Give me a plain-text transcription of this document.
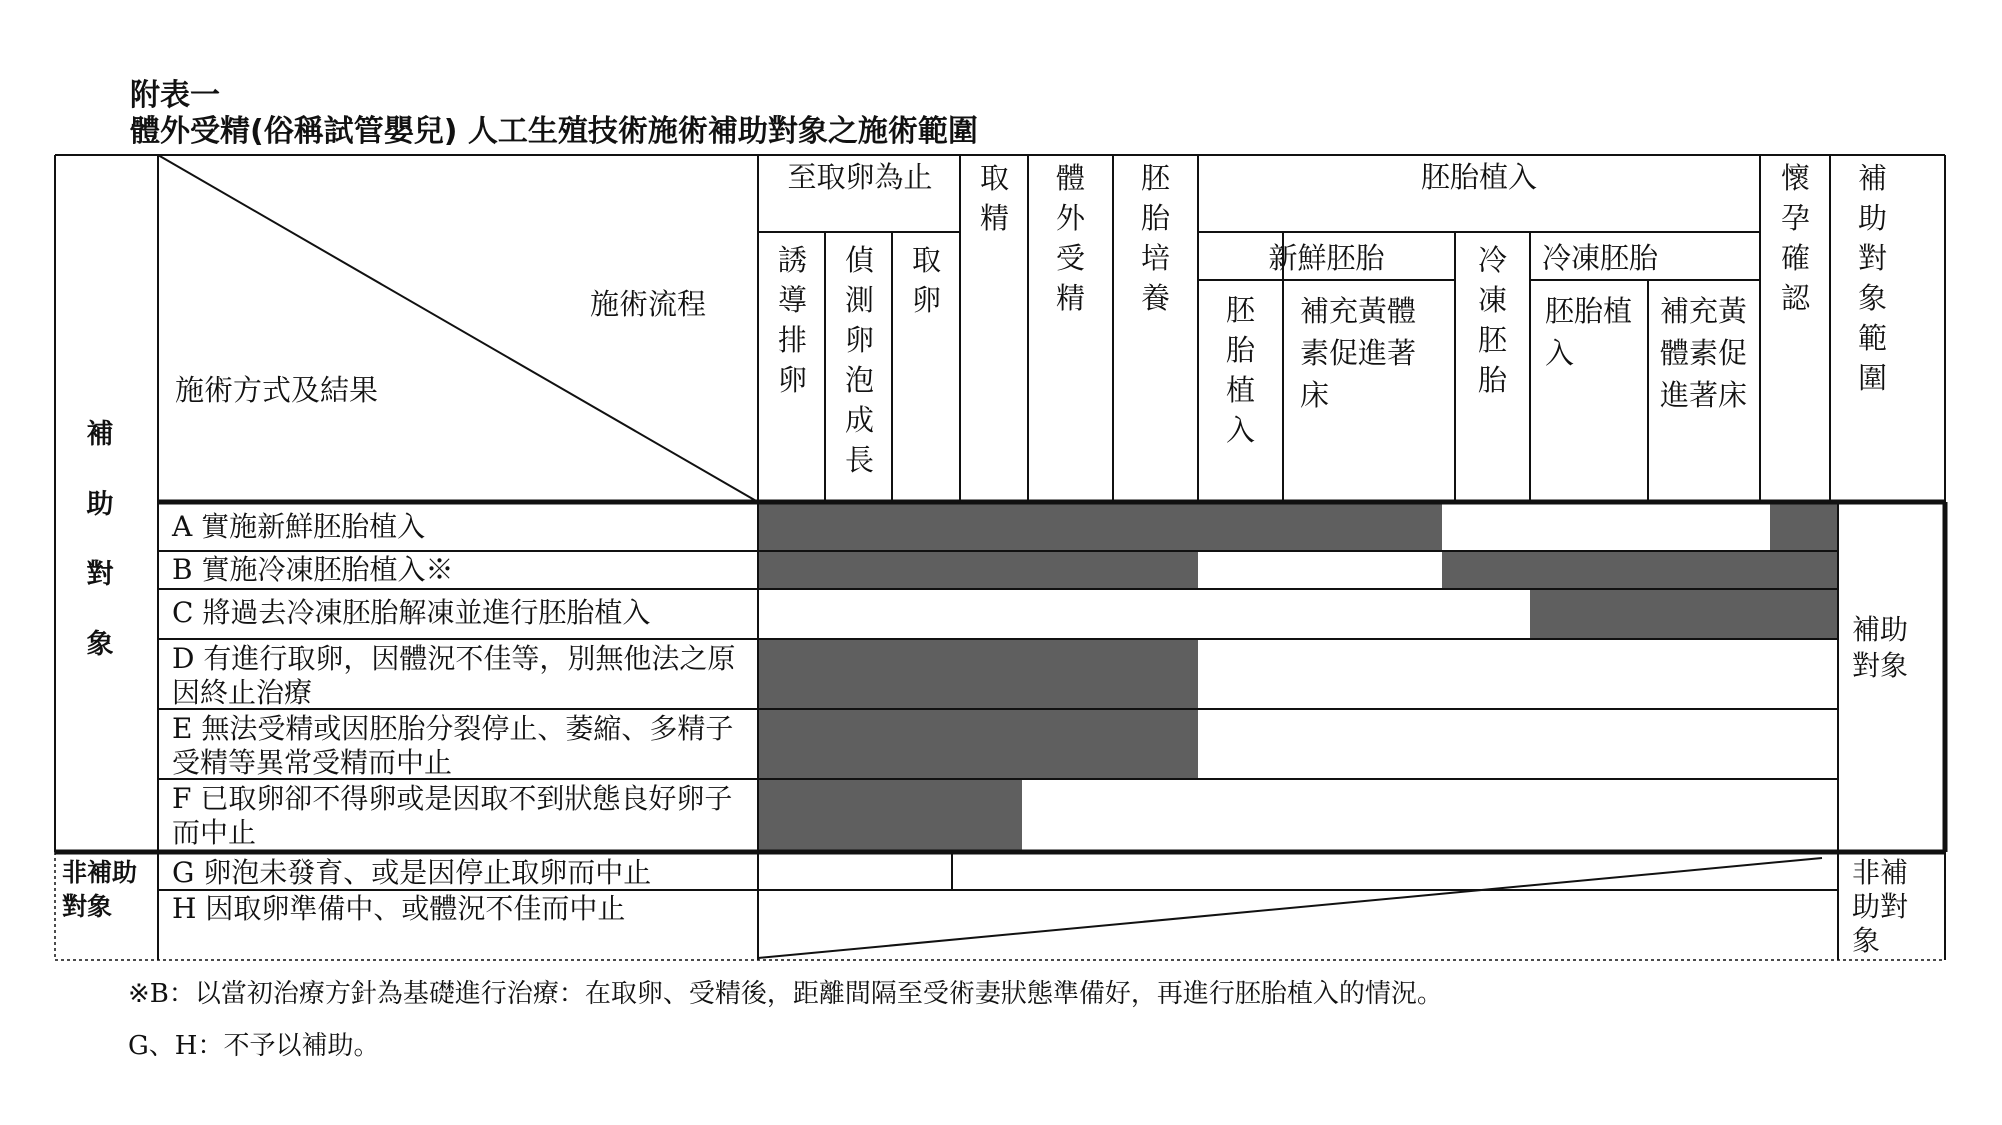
附表一
體外受精(俗稱試管嬰兒) 人工生殖技術施術補助對象之施術範圍
施術流程
施術方式及結果
補助對象
至取卵為止
誘導排卵
偵測卵泡成長
取卵
取精
體外受精
胚胎培養
胚胎植入
新鮮胚胎
胚胎植入
補充黃體素促進著床
冷凍胚胎
冷凍胚胎
胚胎植入
補充黃體素促進著床
懷孕確認
補助對象範圍
A 實施新鮮胚胎植入
B 實施冷凍胚胎植入※
C 將過去冷凍胚胎解凍並進行胚胎植入
D 有進行取卵，因體況不佳等，別無他法之原因終止治療
E 無法受精或因胚胎分裂停止、萎縮、多精子受精等異常受精而中止
F 已取卵卻不得卵或是因取不到狀態良好卵子而中止
G 卵泡未發育、或是因停止取卵而中止
H 因取卵準備中、或體況不佳而中止
補助對象
非補助對象
非補助對象
※B：以當初治療方針為基礎進行治療：在取卵、受精後，距離間隔至受術妻狀態準備好，再進行胚胎植入的情況。
G、H：不予以補助。
